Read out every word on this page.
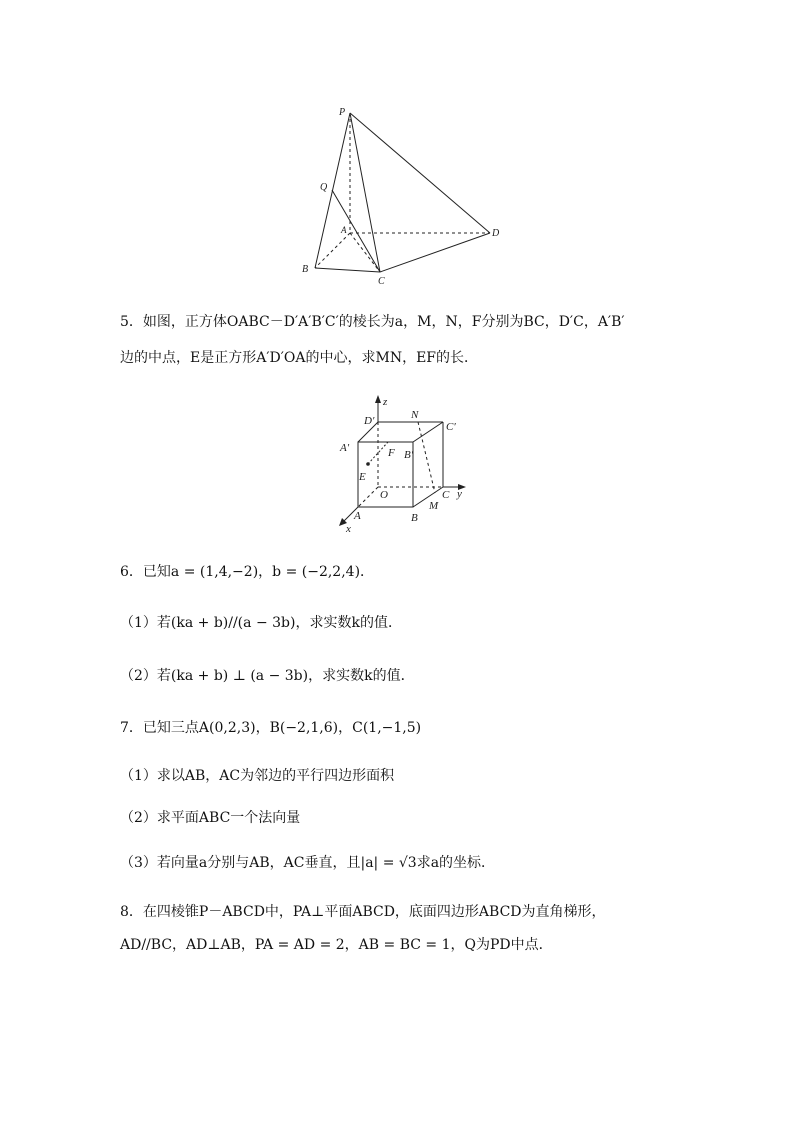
P
Q
A
B
C
D
5．如图，正方体OABC－D′A′B′C′的棱长为a，M，N，F分别为BC，D′C，A′B′
边的中点，E是正方形A′D′OA的中心，求MN，EF的长．
z
D′	N
C′
A′	F B′
E
O	C y
M
A	B
x
6．已知a = (1,4,−2)，b = (−2,2,4)．
（1）若(ka + b)//(a − 3b)，求实数k的值．
（2）若(ka + b) ⊥ (a − 3b)，求实数k的值．
7．已知三点A(0,2,3)，B(−2,1,6)，C(1,−1,5)
（1）求以AB，AC为邻边的平行四边形面积
（2）求平面ABC一个法向量
（3）若向量a分别与AB，AC垂直，且|a| = √3求a的坐标．
8．在四棱锥P－ABCD中，PA⊥平面ABCD，底面四边形ABCD为直角梯形，
AD//BC，AD⊥AB，PA = AD = 2，AB = BC = 1，Q为PD中点．
